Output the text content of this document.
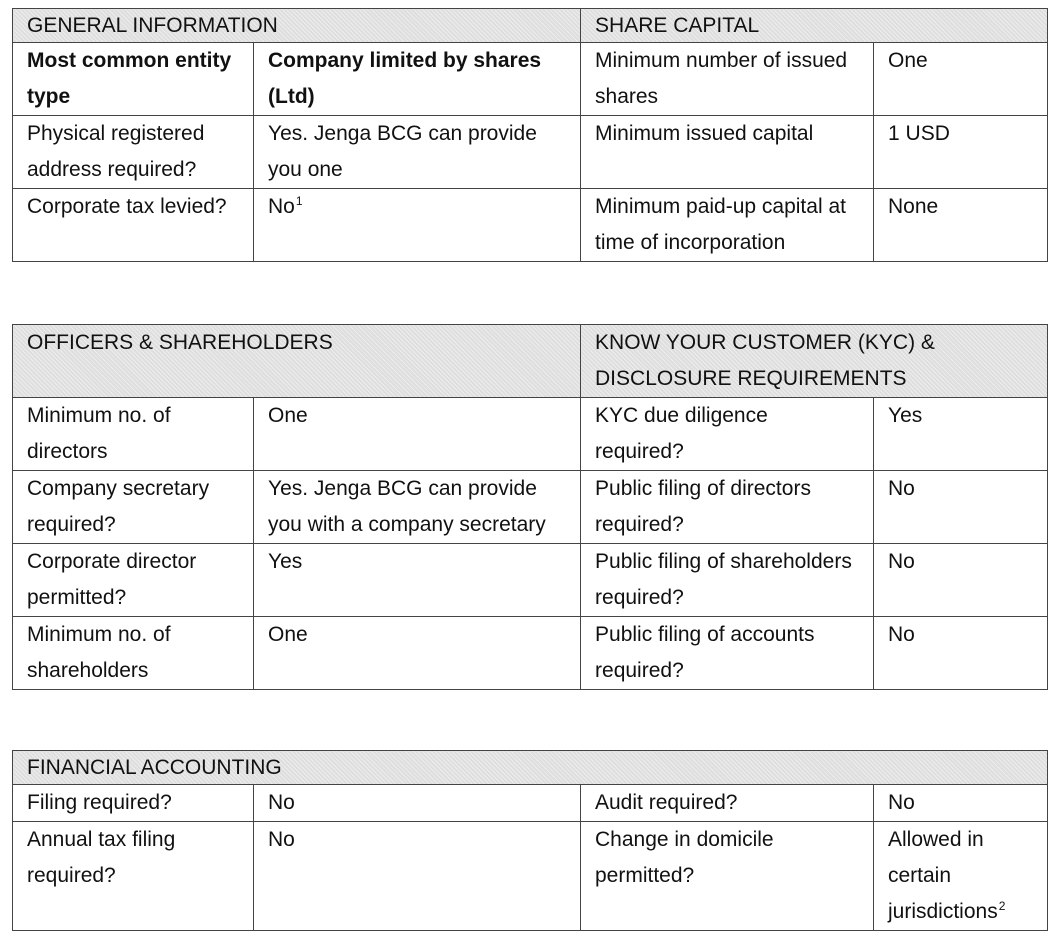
GENERAL INFORMATION		SHARE CAPITAL	
Most common entity type	Company limited by shares (Ltd)	Minimum number of issued shares	One
Physical registered address required?	Yes. Jenga BCG can provide you one	Minimum issued capital	1 USD
Corporate tax levied?	No$^1$	Minimum paid-up capital at time of incorporation	None
OFFICERS & SHAREHOLDERS		KNOW YOUR CUSTOMER (KYC) & DISCLOSURE REQUIREMENTS	
Minimum no. of directors	One	KYC due diligence required?	Yes
Company secretary required?	Yes. Jenga BCG can provide you with a company secretary	Public filing of directors required?	No
Corporate director permitted?	Yes	Public filing of shareholders required?	No
Minimum no. of shareholders	One	Public filing of accounts required?	No
FINANCIAL ACCOUNTING			
Filing required?	No	Audit required?	No
Annual tax filing required?	No	Change in domicile permitted?	Allowed in certain jurisdictions$^2$
